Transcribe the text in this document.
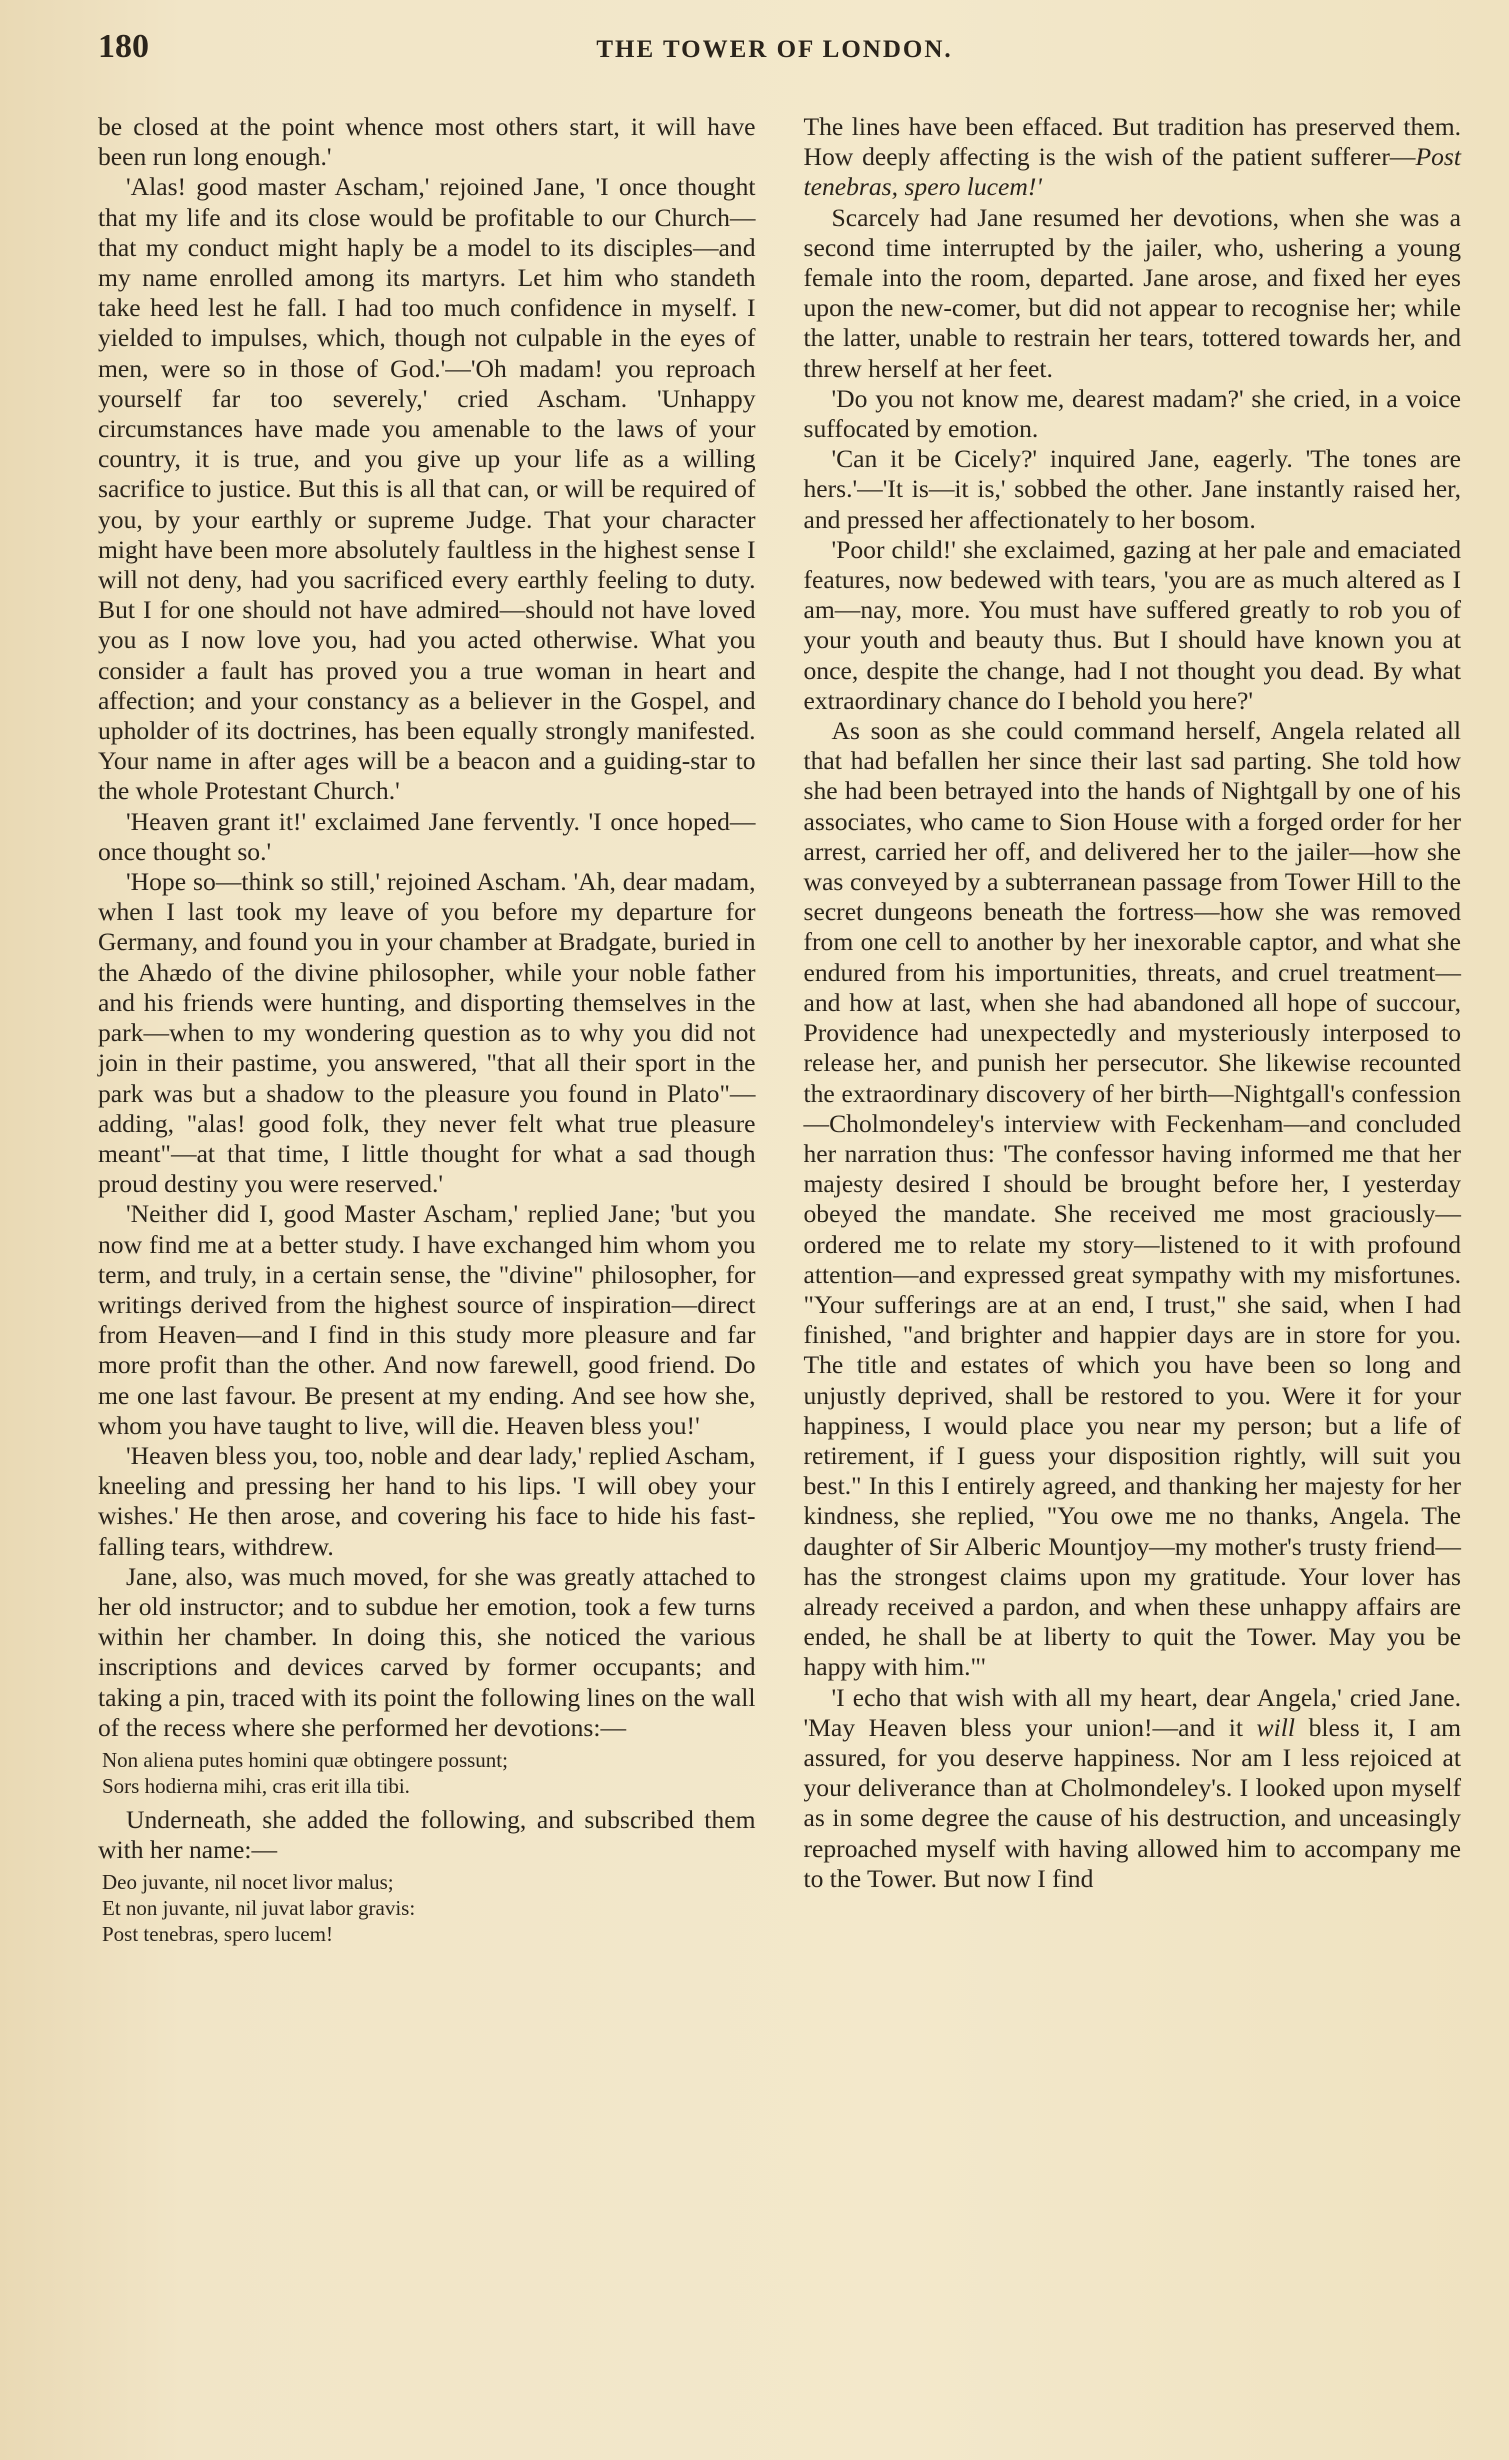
180	THE TOWER OF LONDON.

be closed at the point whence most others start, it will have been run long enough.'

'Alas! good master Ascham,' rejoined Jane, 'I once thought that my life and its close would be profitable to our Church—that my conduct might haply be a model to its disciples—and my name enrolled among its martyrs. Let him who standeth take heed lest he fall. I had too much confidence in myself. I yielded to impulses, which, though not culpable in the eyes of men, were so in those of God.'—'Oh madam! you reproach yourself far too severely,' cried Ascham. 'Unhappy circumstances have made you amenable to the laws of your country, it is true, and you give up your life as a willing sacrifice to justice. But this is all that can, or will be required of you, by your earthly or supreme Judge. That your character might have been more absolutely faultless in the highest sense I will not deny, had you sacrificed every earthly feeling to duty. But I for one should not have admired—should not have loved you as I now love you, had you acted otherwise. What you consider a fault has proved you a true woman in heart and affection; and your constancy as a believer in the Gospel, and upholder of its doctrines, has been equally strongly manifested. Your name in after ages will be a beacon and a guiding-star to the whole Protestant Church.'

'Heaven grant it!' exclaimed Jane fervently. 'I once hoped—once thought so.'

'Hope so—think so still,' rejoined Ascham. 'Ah, dear madam, when I last took my leave of you before my departure for Germany, and found you in your chamber at Bradgate, buried in the Ahædo of the divine philosopher, while your noble father and his friends were hunting, and disporting themselves in the park—when to my wondering question as to why you did not join in their pastime, you answered, "that all their sport in the park was but a shadow to the pleasure you found in Plato"—adding, "alas! good folk, they never felt what true pleasure meant"—at that time, I little thought for what a sad though proud destiny you were reserved.'

'Neither did I, good Master Ascham,' replied Jane; 'but you now find me at a better study. I have exchanged him whom you term, and truly, in a certain sense, the "divine" philosopher, for writings derived from the highest source of inspiration—direct from Heaven—and I find in this study more pleasure and far more profit than the other. And now farewell, good friend. Do me one last favour. Be present at my ending. And see how she, whom you have taught to live, will die. Heaven bless you!'

'Heaven bless you, too, noble and dear lady,' replied Ascham, kneeling and pressing her hand to his lips. 'I will obey your wishes.' He then arose, and covering his face to hide his fast-falling tears, withdrew.

Jane, also, was much moved, for she was greatly attached to her old instructor; and to subdue her emotion, took a few turns within her chamber. In doing this, she noticed the various inscriptions and devices carved by former occupants; and taking a pin, traced with its point the following lines on the wall of the recess where she performed her devotions:—

Non aliena putes homini quæ obtingere possunt;
Sors hodierna mihi, cras erit illa tibi.

Underneath, she added the following, and subscribed them with her name:—

Deo juvante, nil nocet livor malus;
Et non juvante, nil juvat labor gravis:
Post tenebras, spero lucem!

The lines have been effaced. But tradition has preserved them. How deeply affecting is the wish of the patient sufferer—Post tenebras, spero lucem!'

Scarcely had Jane resumed her devotions, when she was a second time interrupted by the jailer, who, ushering a young female into the room, departed. Jane arose, and fixed her eyes upon the new-comer, but did not appear to recognise her; while the latter, unable to restrain her tears, tottered towards her, and threw herself at her feet.

'Do you not know me, dearest madam?' she cried, in a voice suffocated by emotion.

'Can it be Cicely?' inquired Jane, eagerly. 'The tones are hers.'—'It is—it is,' sobbed the other. Jane instantly raised her, and pressed her affectionately to her bosom.

'Poor child!' she exclaimed, gazing at her pale and emaciated features, now bedewed with tears, 'you are as much altered as I am—nay, more. You must have suffered greatly to rob you of your youth and beauty thus. But I should have known you at once, despite the change, had I not thought you dead. By what extraordinary chance do I behold you here?'

As soon as she could command herself, Angela related all that had befallen her since their last sad parting. She told how she had been betrayed into the hands of Nightgall by one of his associates, who came to Sion House with a forged order for her arrest, carried her off, and delivered her to the jailer—how she was conveyed by a subterranean passage from Tower Hill to the secret dungeons beneath the fortress—how she was removed from one cell to another by her inexorable captor, and what she endured from his importunities, threats, and cruel treatment—and how at last, when she had abandoned all hope of succour, Providence had unexpectedly and mysteriously interposed to release her, and punish her persecutor. She likewise recounted the extraordinary discovery of her birth—Nightgall's confession—Cholmondeley's interview with Feckenham—and concluded her narration thus: 'The confessor having informed me that her majesty desired I should be brought before her, I yesterday obeyed the mandate. She received me most graciously—ordered me to relate my story—listened to it with profound attention—and expressed great sympathy with my misfortunes. "Your sufferings are at an end, I trust," she said, when I had finished, "and brighter and happier days are in store for you. The title and estates of which you have been so long and unjustly deprived, shall be restored to you. Were it for your happiness, I would place you near my person; but a life of retirement, if I guess your disposition rightly, will suit you best." In this I entirely agreed, and thanking her majesty for her kindness, she replied, "You owe me no thanks, Angela. The daughter of Sir Alberic Mountjoy—my mother's trusty friend—has the strongest claims upon my gratitude. Your lover has already received a pardon, and when these unhappy affairs are ended, he shall be at liberty to quit the Tower. May you be happy with him."'

'I echo that wish with all my heart, dear Angela,' cried Jane. 'May Heaven bless your union!—and it will bless it, I am assured, for you deserve happiness. Nor am I less rejoiced at your deliverance than at Cholmondeley's. I looked upon myself as in some degree the cause of his destruction, and unceasingly reproached myself with having allowed him to accompany me to the Tower. But now I find
